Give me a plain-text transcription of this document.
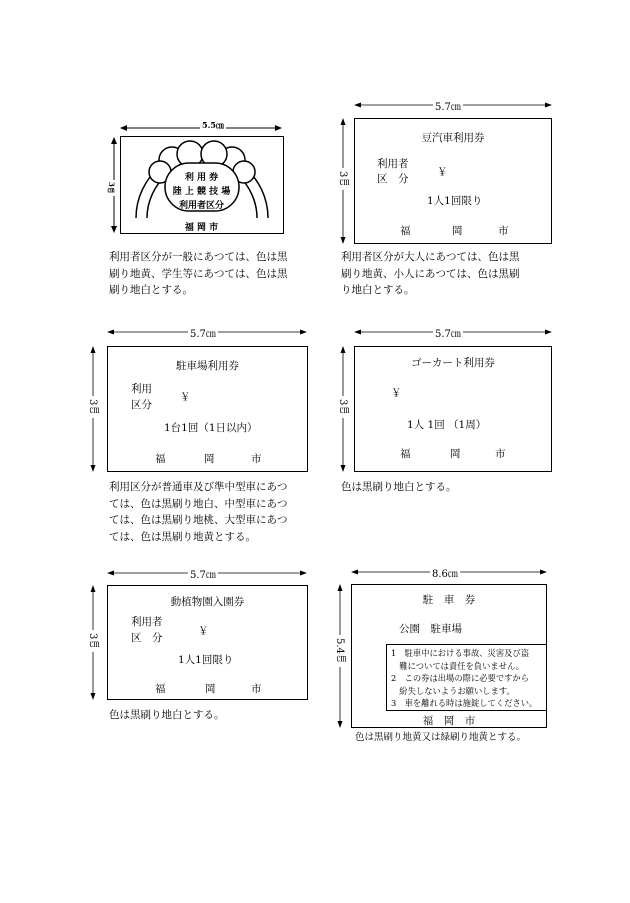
5.5㎝
3㎝
利 用 券
陸 上 競 技 場
利用者区分
福 岡 市
利用者区分が一般にあつては、色は黒
刷り地黄、学生等にあつては、色は黒
刷り地白とする。
5.7㎝
3㎝
豆汽車利用券
利用者
区　分
￥
1人1回限り
福	岡	市
利用者区分が大人にあつては、色は黒
刷り地黄、小人にあつては、色は黒刷
り地白とする。
5.7㎝
3㎝
駐車場利用券
利用
区分
￥
1台1回（1日以内）
福	岡	市
利用区分が普通車及び準中型車にあつ
ては、色は黒刷り地白、中型車にあつ
ては、色は黒刷り地桃、大型車にあつ
ては、色は黒刷り地黄とする。
5.7㎝
3㎝
ゴーカート利用券
￥
1人 1回 （1周）
福	岡	市
色は黒刷り地白とする。
5.7㎝
3㎝
動植物園入園券
利用者
区　分
￥
1人1回限り
福	岡	市
色は黒刷り地白とする。
8.6㎝
5.4㎝
駐　車　券
公園　駐車場
1　駐車中における事故、災害及び盗
　難については責任を負いません。
2　この券は出場の際に必要ですから
　紛失しないようお願いします。
3　車を離れる時は施錠してください。
福　岡　市
色は黒刷り地黄又は緑刷り地黄とする。
